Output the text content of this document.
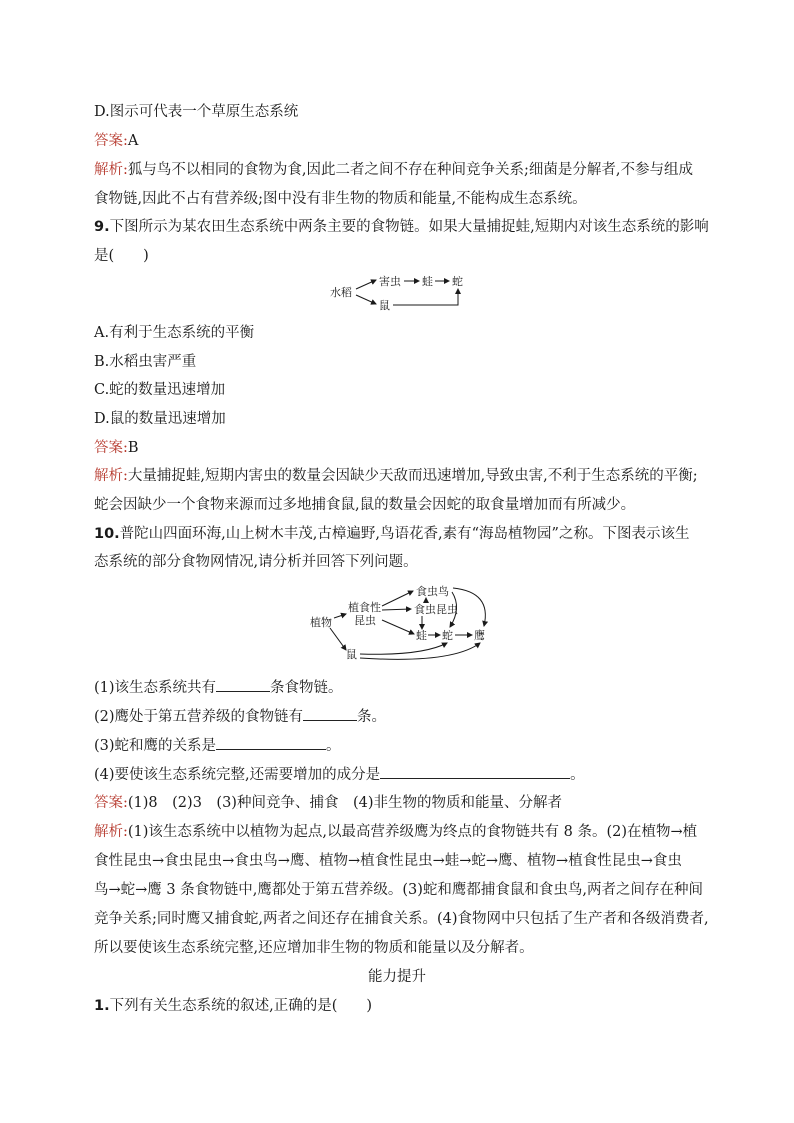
D.图示可代表一个草原生态系统
答案:A
解析:狐与鸟不以相同的食物为食,因此二者之间不存在种间竞争关系;细菌是分解者,不参与组成
食物链,因此不占有营养级;图中没有非生物的物质和能量,不能构成生态系统。
9.下图所示为某农田生态系统中两条主要的食物链。如果大量捕捉蛙,短期内对该生态系统的影响
是(　　)
水稻
害虫 蛙 蛇
鼠
A.有利于生态系统的平衡
B.水稻虫害严重
C.蛇的数量迅速增加
D.鼠的数量迅速增加
答案:B
解析:大量捕捉蛙,短期内害虫的数量会因缺少天敌而迅速增加,导致虫害,不利于生态系统的平衡;
蛇会因缺少一个食物来源而过多地捕食鼠,鼠的数量会因蛇的取食量增加而有所减少。
10.普陀山四面环海,山上树木丰茂,古樟遍野,鸟语花香,素有“海岛植物园”之称。下图表示该生
态系统的部分食物网情况,请分析并回答下列问题。
植物
植食性
昆虫
食虫鸟
食虫昆虫
蛙 蛇 鹰
鼠
(1)该生态系统共有	条食物链。
(2)鹰处于第五营养级的食物链有	条。
(3)蛇和鹰的关系是	。
(4)要使该生态系统完整,还需要增加的成分是	。
答案:(1)8　(2)3　(3)种间竞争、捕食　(4)非生物的物质和能量、分解者
解析:(1)该生态系统中以植物为起点,以最高营养级鹰为终点的食物链共有 8 条。(2)在植物→植
食性昆虫→食虫昆虫→食虫鸟→鹰、植物→植食性昆虫→蛙→蛇→鹰、植物→植食性昆虫→食虫
鸟→蛇→鹰 3 条食物链中,鹰都处于第五营养级。(3)蛇和鹰都捕食鼠和食虫鸟,两者之间存在种间
竞争关系;同时鹰又捕食蛇,两者之间还存在捕食关系。(4)食物网中只包括了生产者和各级消费者,
所以要使该生态系统完整,还应增加非生物的物质和能量以及分解者。
能力提升
1.下列有关生态系统的叙述,正确的是(　　)
